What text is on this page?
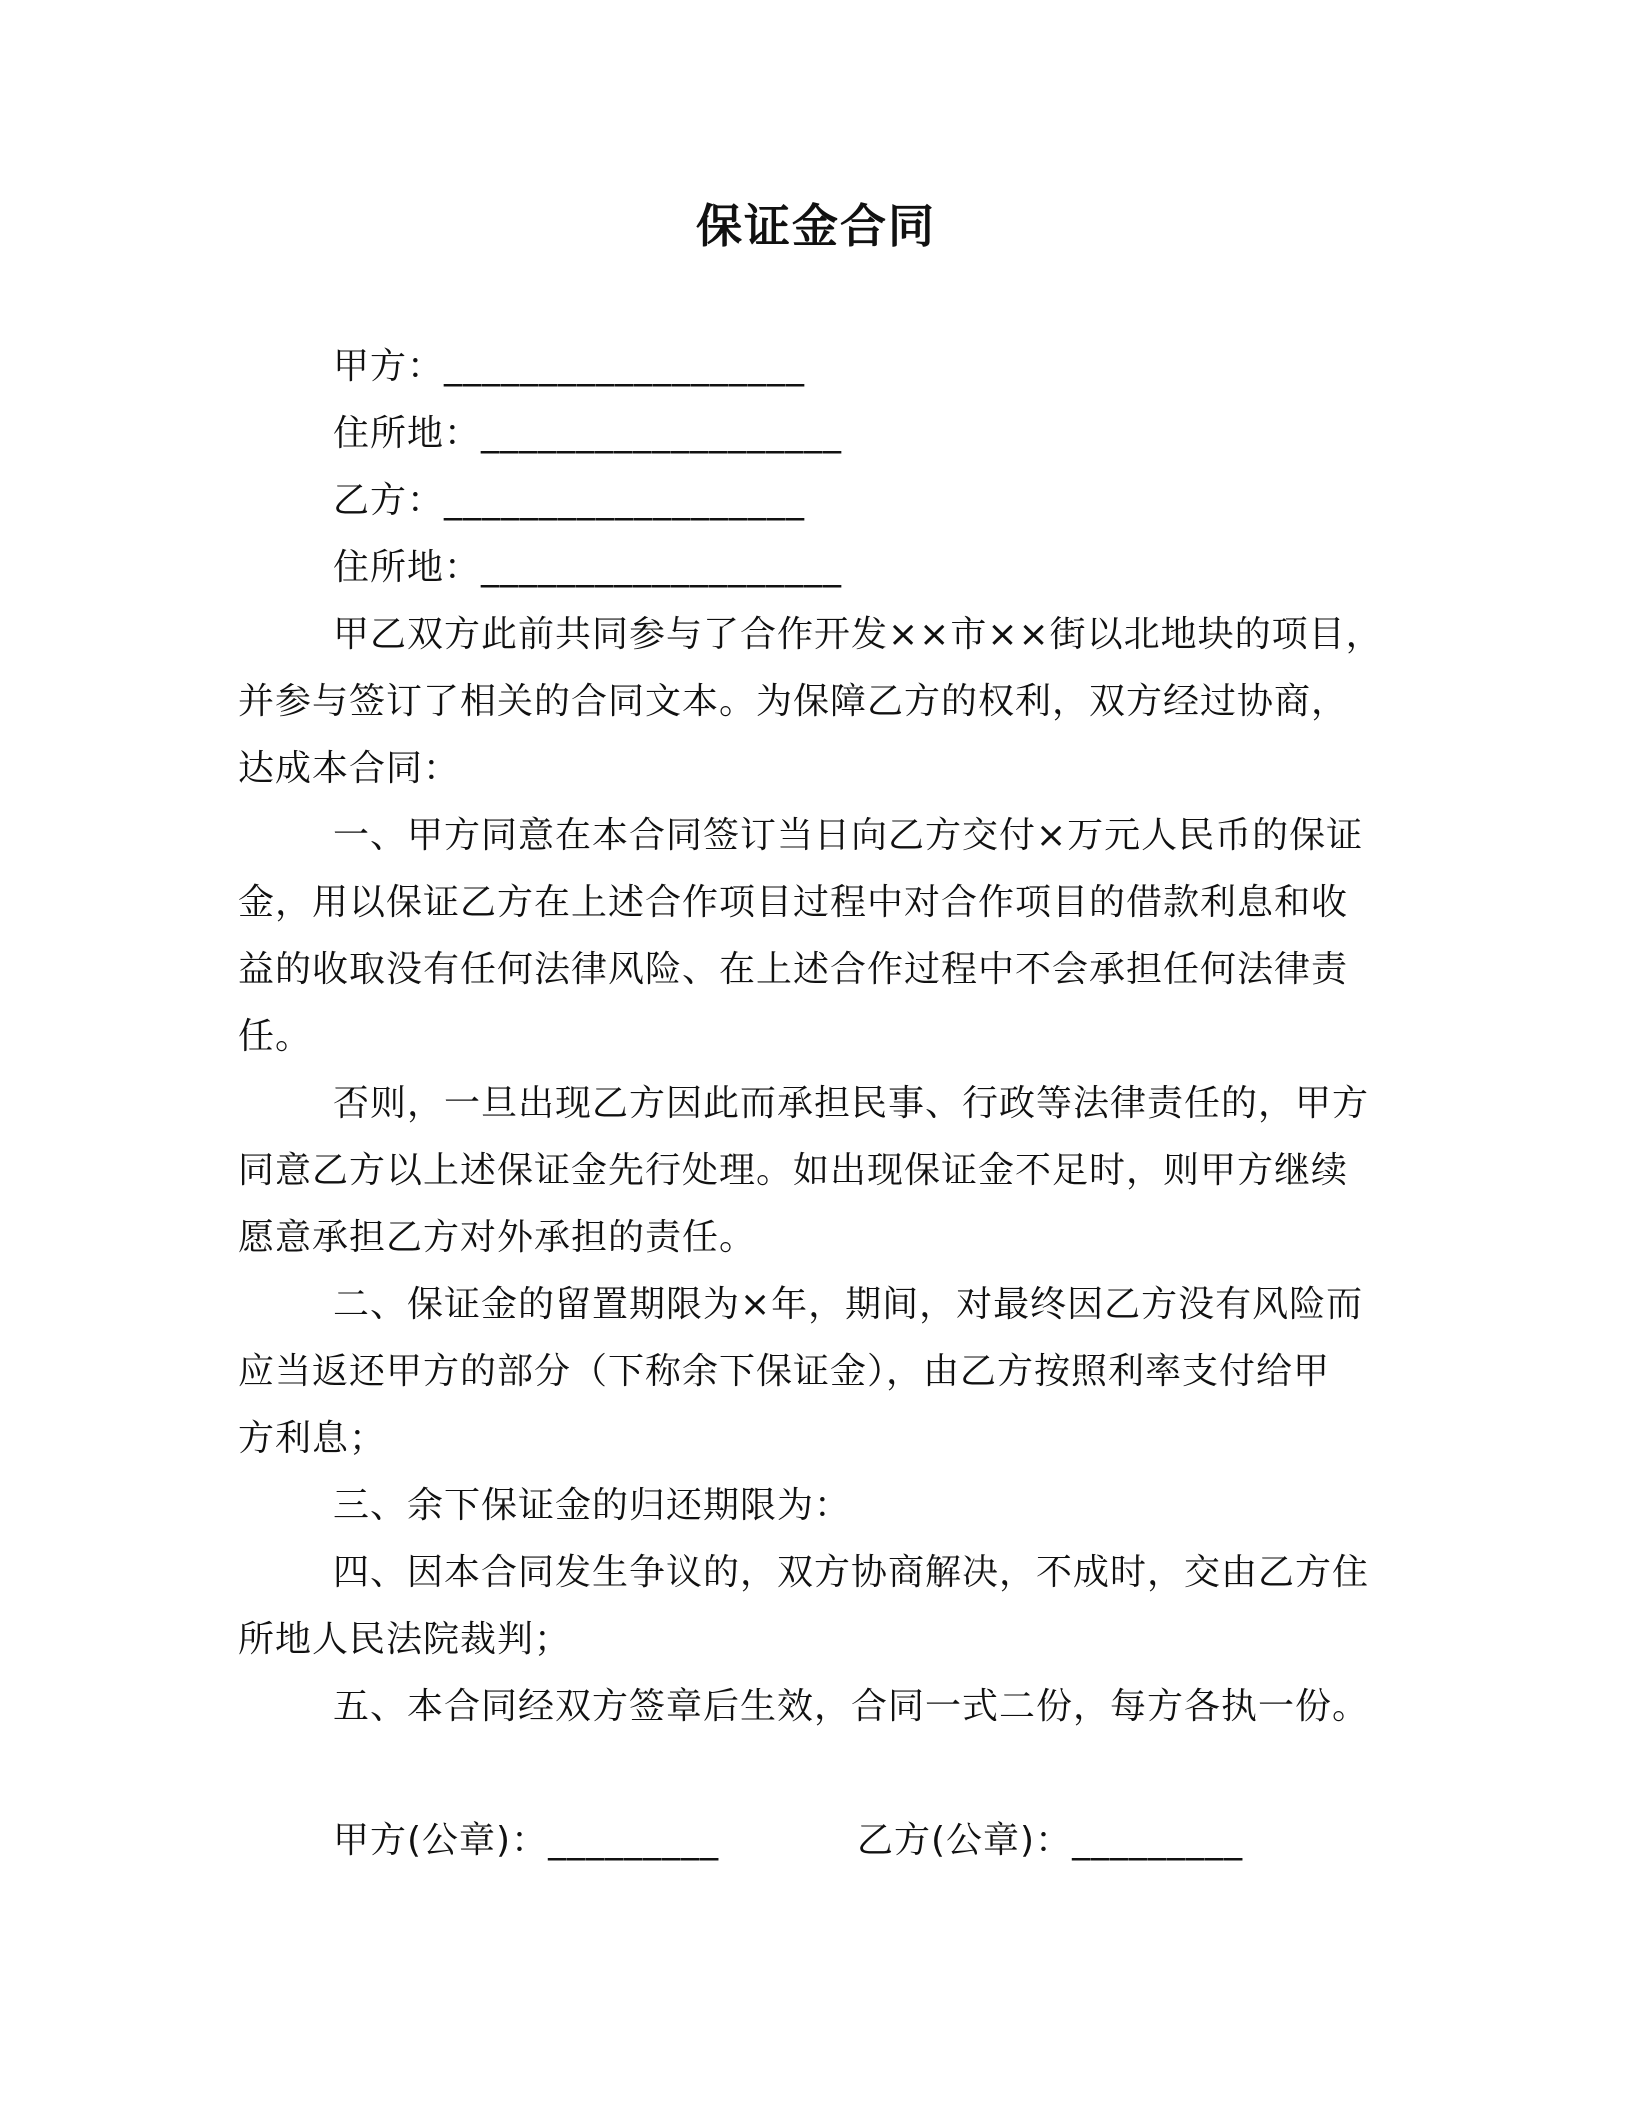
保证金合同
甲方：___________________
住所地：___________________
乙方：___________________
住所地：___________________
甲乙双方此前共同参与了合作开发××市××街以北地块的项目，
并参与签订了相关的合同文本。为保障乙方的权利，双方经过协商，
达成本合同：
一、甲方同意在本合同签订当日向乙方交付×万元人民币的保证
金，用以保证乙方在上述合作项目过程中对合作项目的借款利息和收
益的收取没有任何法律风险、在上述合作过程中不会承担任何法律责
任。
否则，一旦出现乙方因此而承担民事、行政等法律责任的，甲方
同意乙方以上述保证金先行处理。如出现保证金不足时，则甲方继续
愿意承担乙方对外承担的责任。
二、保证金的留置期限为×年，期间，对最终因乙方没有风险而
应当返还甲方的部分（下称余下保证金），由乙方按照利率支付给甲
方利息；
三、余下保证金的归还期限为：
四、因本合同发生争议的，双方协商解决，不成时，交由乙方住
所地人民法院裁判；
五、本合同经双方签章后生效，合同一式二份，每方各执一份。
甲方(公章)：_________	乙方(公章)：_________
